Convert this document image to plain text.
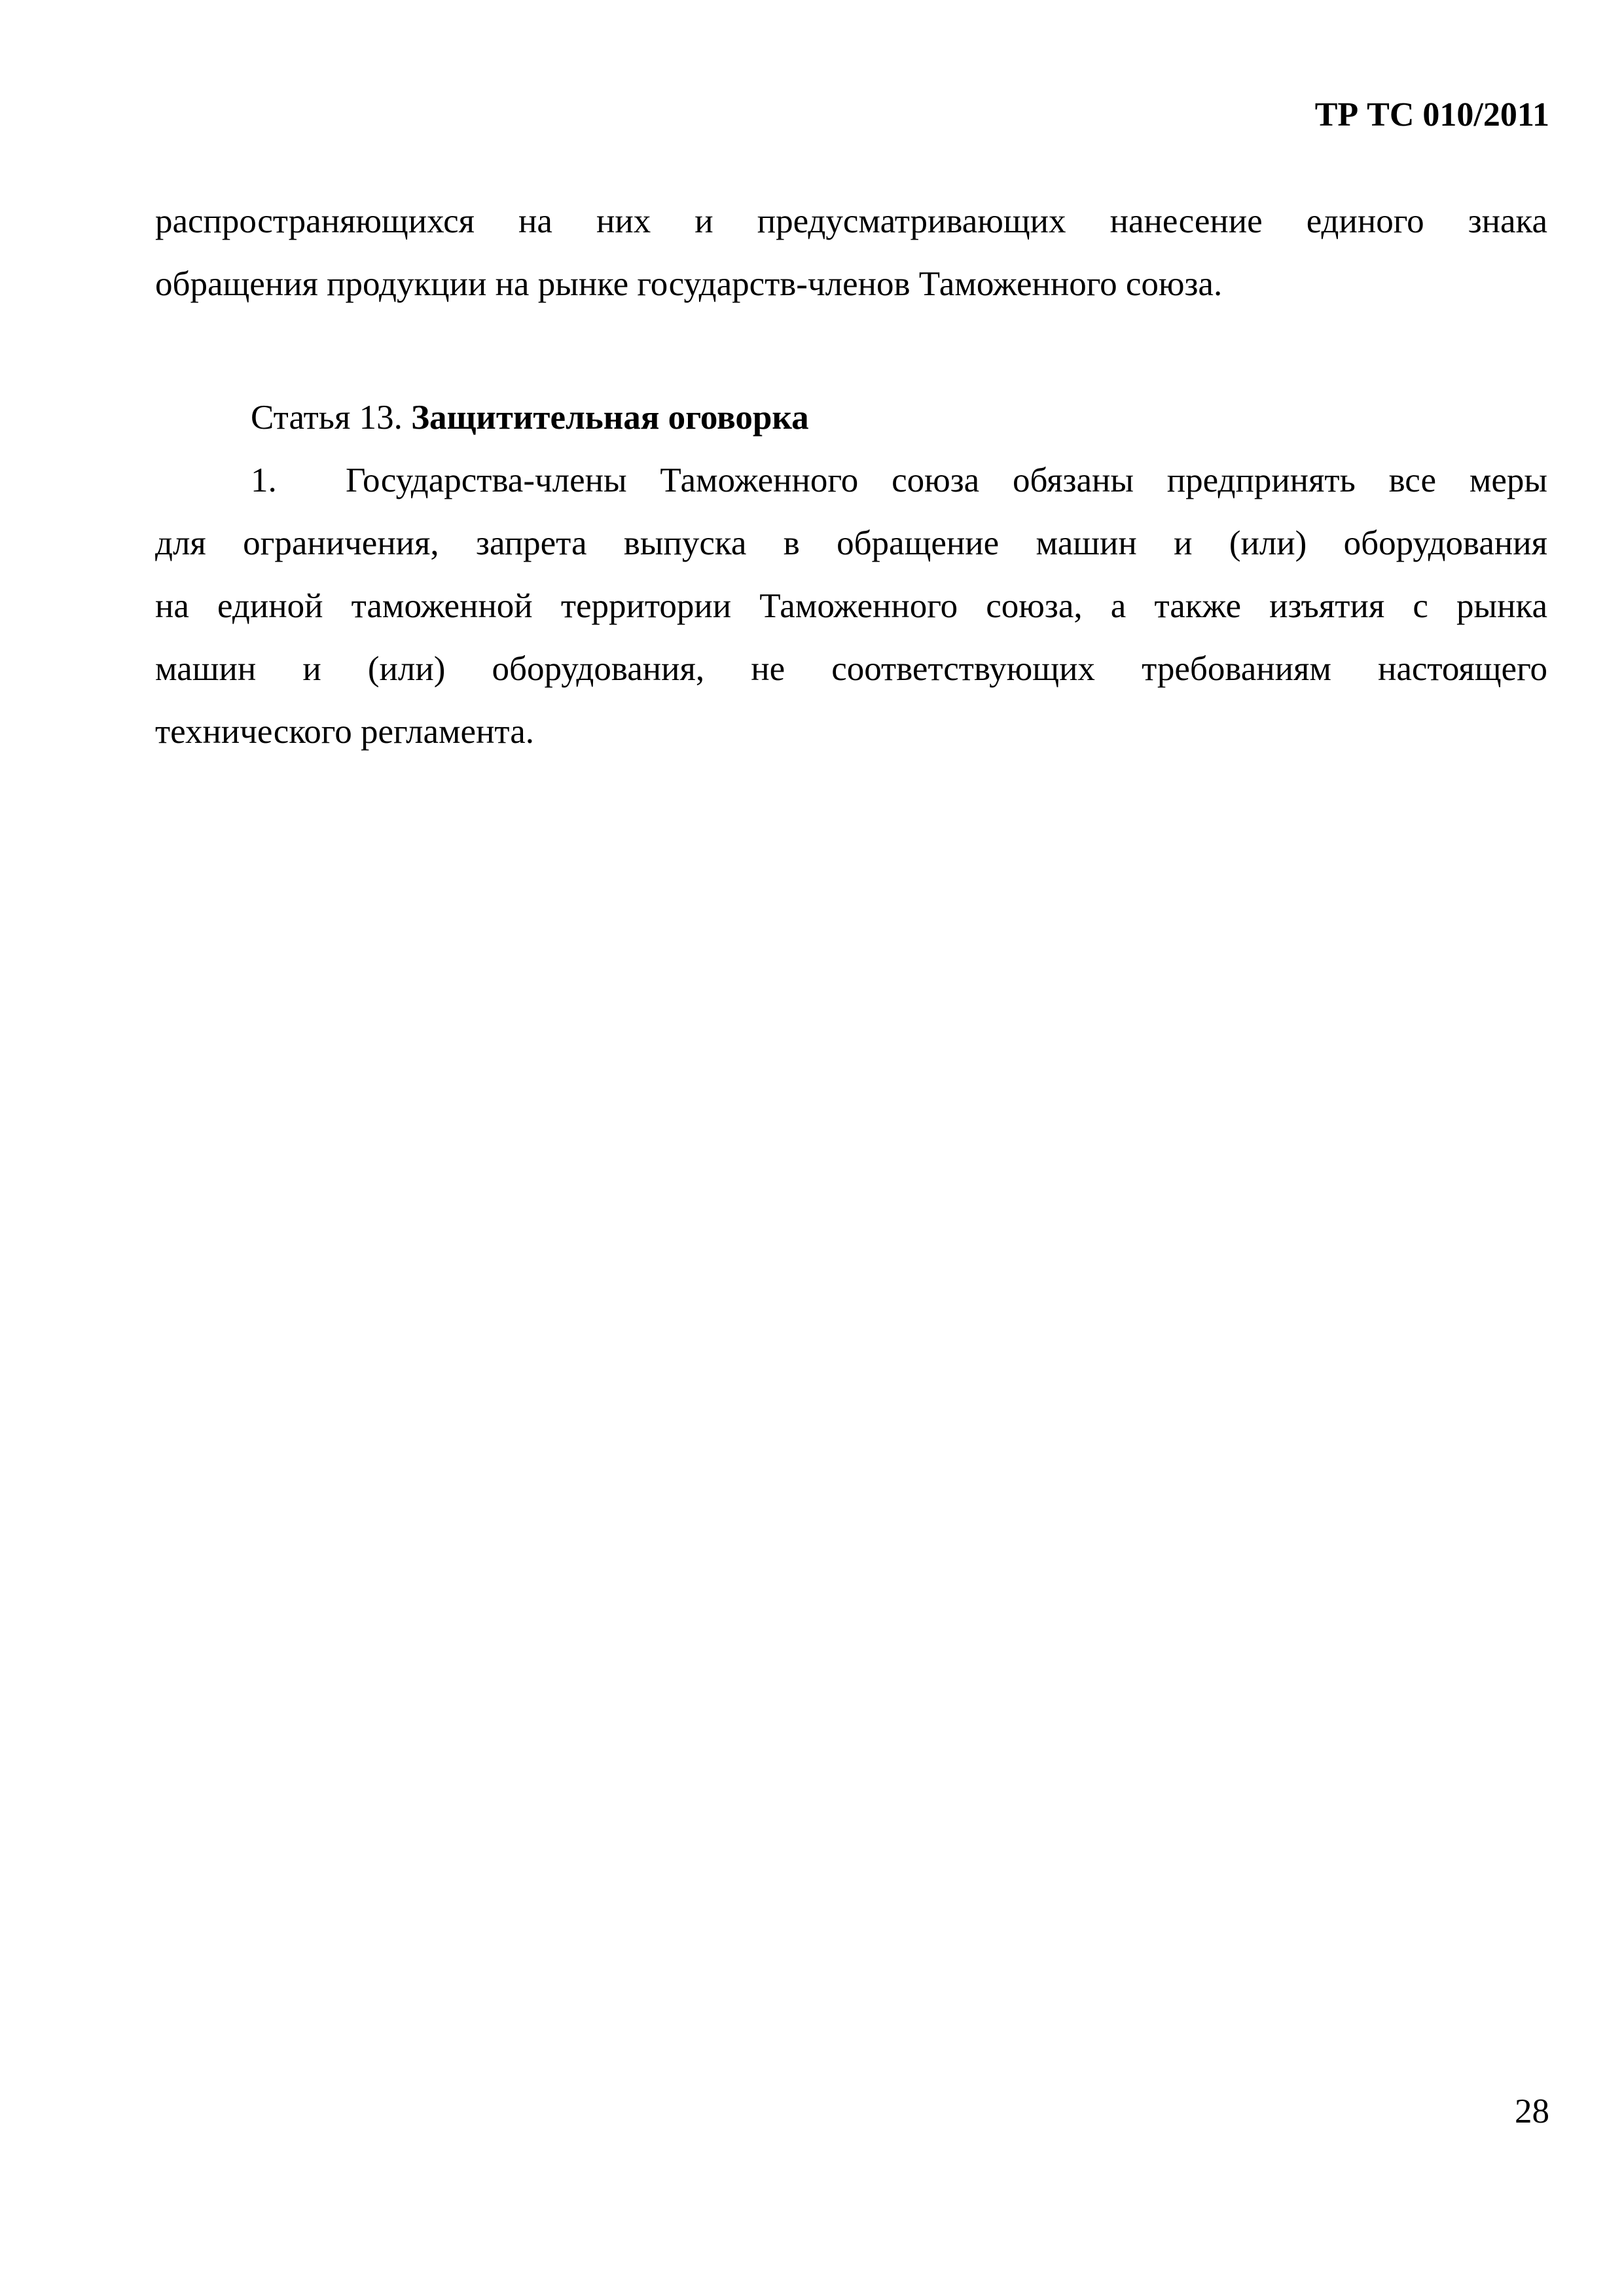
ТР ТС 010/2011
распространяющихся на них и предусматривающих нанесение единого знака
обращения продукции на рынке государств-членов Таможенного союза.
Статья 13. Защитительная оговорка
1. Государства-члены Таможенного союза обязаны предпринять все меры
для ограничения, запрета выпуска в обращение машин и (или) оборудования
на единой таможенной территории Таможенного союза, а также изъятия с рынка
машин и (или) оборудования, не соответствующих требованиям настоящего
технического регламента.
28
